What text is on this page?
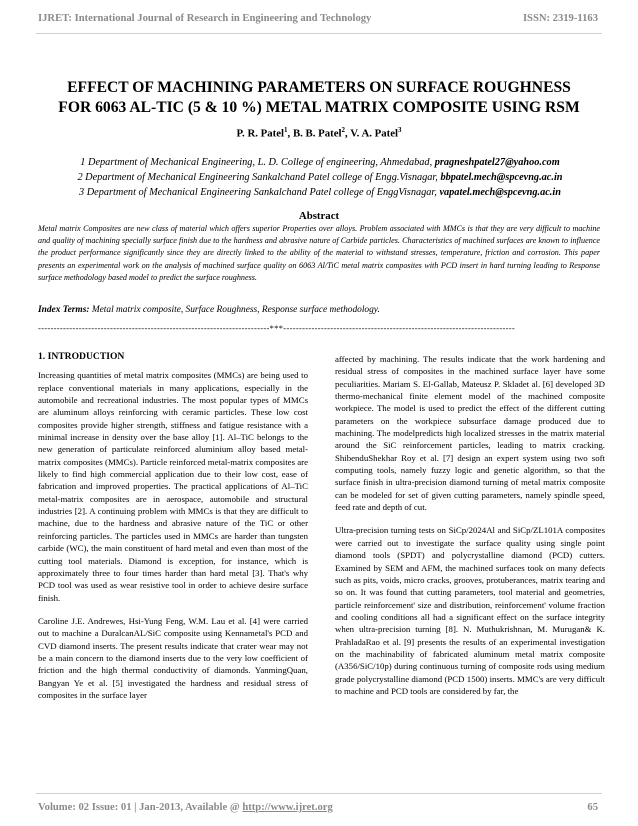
IJRET: International Journal of Research in Engineering and Technology	ISSN: 2319-1163
EFFECT OF MACHINING PARAMETERS ON SURFACE ROUGHNESS
FOR 6063 AL-TIC (5 & 10 %) METAL MATRIX COMPOSITE USING RSM
P. R. Patel$^1$, B. B. Patel$^2$, V. A. Patel$^3$
1 Department of Mechanical Engineering, L. D. College of engineering, Ahmedabad, pragneshpatel27@yahoo.com
2 Department of Mechanical Engineering Sankalchand Patel college of Engg.Visnagar, bbpatel.mech@spcevng.ac.in
3 Department of Mechanical Engineering Sankalchand Patel college of EnggVisnagar, vapatel.mech@spcevng.ac.in
Abstract
Metal matrix Composites are new class of material which offers superior Properties over alloys. Problem associated with MMCs is that they are very difficult to machine and quality of machining specially surface finish due to the hardness and abrasive nature of Carbide particles. Characteristics of machined surfaces are known to influence the product performance significantly since they are directly linked to the ability of the material to withstand stresses, temperature, friction and corrosion. This paper presents an experimental work on the analysis of machined surface quality on 6063 Al/TiC metal matrix composites with PCD insert in hard turning leading to Response surface methodology based model to predict the surface roughness.
Index Terms: Metal matrix composite, Surface Roughness, Response surface methodology.
--------------------------------------------------------------------------***--------------------------------------------------------------------------
1. INTRODUCTION

Increasing quantities of metal matrix composites (MMCs) are being used to replace conventional materials in many applications, especially in the automobile and recreational industries. The most popular types of MMCs are aluminum alloys reinforcing with ceramic particles. These low cost composites provide higher strength, stiffness and fatigue resistance with a minimal increase in density over the base alloy [1]. Al–TiC belongs to the new generation of particulate reinforced aluminium alloy based metal-matrix composites (MMCs). Particle reinforced metal-matrix composites are likely to find high commercial application due to their low cost, ease of fabrication and improved properties. The practical applications of Al–TiC metal-matrix composites are in aerospace, automobile and structural industries [2]. A continuing problem with MMCs is that they are difficult to machine, due to the hardness and abrasive nature of the TiC or other reinforcing particles. The particles used in MMCs are harder than tungsten carbide (WC), the main constituent of hard metal and even than most of the cutting tool materials. Diamond is exception, for instance, which is approximately three to four times harder than hard metal [3]. That's why PCD tool was used as wear resistive tool in order to achieve desire surface finish.

Caroline J.E. Andrewes, Hsi-Yung Feng, W.M. Lau et al. [4] were carried out to machine a DuralcanAL/SiC composite using Kennametal's PCD and CVD diamond inserts. The present results indicate that crater wear may not be a main concern to the diamond inserts due to the very low coefficient of friction and the high thermal conductivity of diamonds. YanmingQuan, Bangyan Ye et al. [5] investigated the hardness and residual stress of composites in the surface layer

affected by machining. The results indicate that the work hardening and residual stress of composites in the machined surface layer have some peculiarities. Mariam S. El-Gallab, Mateusz P. Skladet al. [6] developed 3D thermo-mechanical finite element model of the machined composite workpiece. The model is used to predict the effect of the different cutting parameters on the workpiece subsurface damage produced due to machining. The modelpredicts high localized stresses in the matrix material around the SiC reinforcement particles, leading to matrix cracking. ShibenduShekhar Roy et al. [7] design an expert system using two soft computing tools, namely fuzzy logic and genetic algorithm, so that the surface finish in ultra-precision diamond turning of metal matrix composite can be modeled for set of given cutting parameters, namely spindle speed, feed rate and depth of cut.

Ultra-precision turning tests on SiCp/2024Al and SiCp/ZL101A composites were carried out to investigate the surface quality using single point diamond tools (SPDT) and polycrystalline diamond (PCD) cutters. Examined by SEM and AFM, the machined surfaces took on many defects such as pits, voids, micro cracks, grooves, protuberances, matrix tearing and so on. It was found that cutting parameters, tool material and geometries, particle reinforcement' size and distribution, reinforcement' volume fraction and cooling conditions all had a significant effect on the surface integrity when ultra-precision turning [8]. N. Muthukrishnan, M. Murugan& K. PrahladaRao et al. [9] presents the results of an experimental investigation on the machinability of fabricated aluminum metal matrix composite (A356/SiC/10p) during continuous turning of composite rods using medium grade polycrystalline diamond (PCD 1500) inserts. MMC's are very difficult to machine and PCD tools are considered by far, the

Volume: 02 Issue: 01 | Jan-2013, Available @ http://www.ijret.org	65
